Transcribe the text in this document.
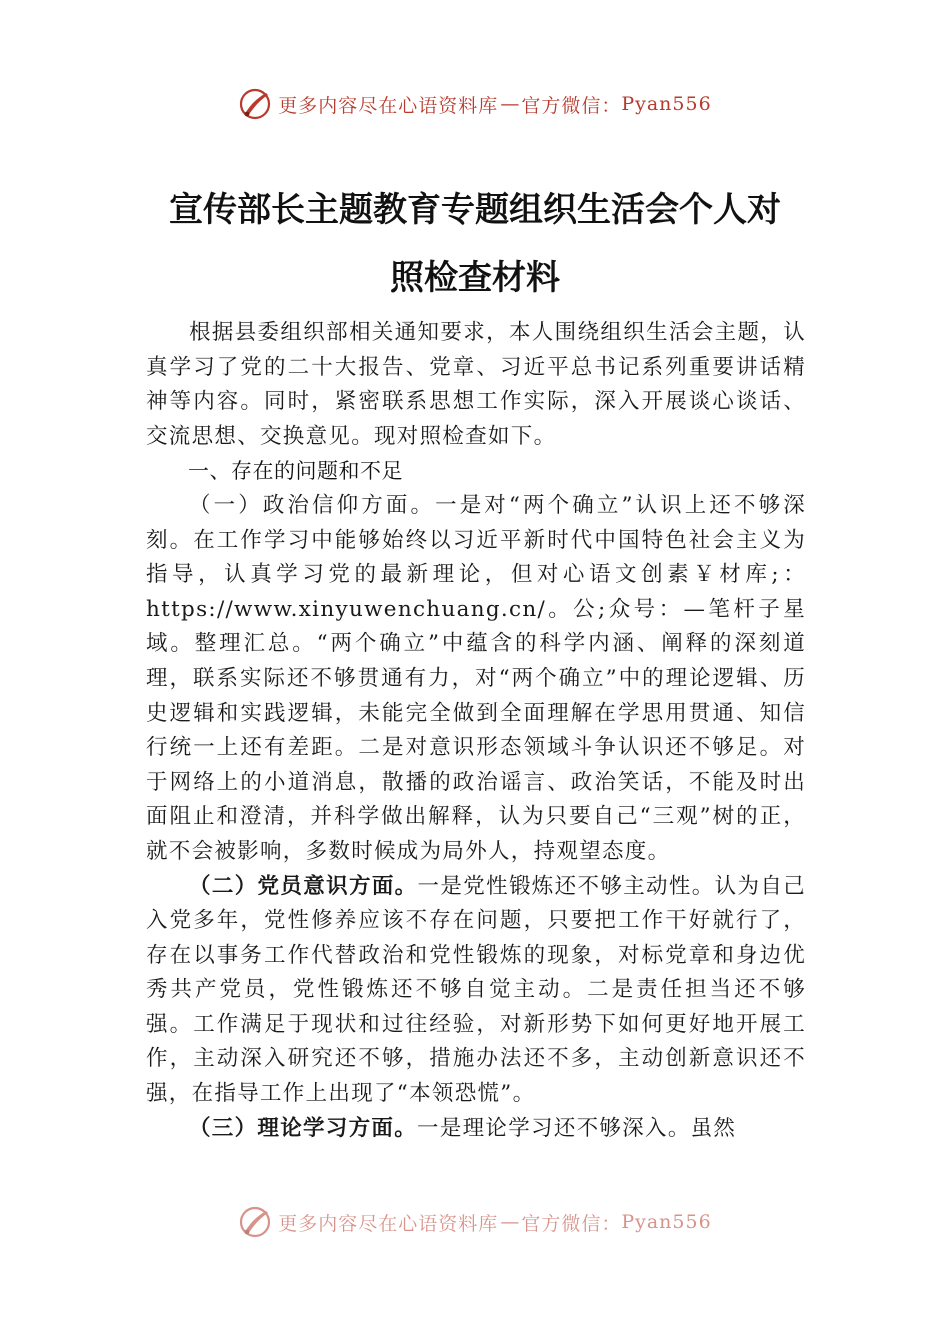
更多内容尽在心语资料库 — 官方微信： Pyan556
宣传部长主题教育专题组织生活会个人对
照检查材料

根据县委组织部相关通知要求，本人围绕组织生活会主题，认真学习了党的二十大报告、党章、习近平总书记系列重要讲话精神等内容。同时，紧密联系思想工作实际，深入开展谈心谈话、交流思想、交换意见。现对照检查如下。

一、存在的问题和不足

（一）政治信仰方面。一是对“两个确立”认识上还不够深刻。在工作学习中能够始终以习近平新时代中国特色社会主义为指导，认真学习党的最新理论，但对心语文创素￥材库;：https://www.xinyuwenchuang.cn/。公;众号：—笔杆子星域。整理汇总。“两个确立”中蕴含的科学内涵、阐释的深刻道理，联系实际还不够贯通有力，对“两个确立”中的理论逻辑、历史逻辑和实践逻辑，未能完全做到全面理解在学思用贯通、知信行统一上还有差距。二是对意识形态领域斗争认识还不够足。对于网络上的小道消息，散播的政治谣言、政治笑话，不能及时出面阻止和澄清，并科学做出解释，认为只要自己“三观”树的正，就不会被影响，多数时候成为局外人，持观望态度。

（二）党员意识方面。一是党性锻炼还不够主动性。认为自己入党多年，党性修养应该不存在问题，只要把工作干好就行了，存在以事务工作代替政治和党性锻炼的现象，对标党章和身边优秀共产党员，党性锻炼还不够自觉主动。二是责任担当还不够强。工作满足于现状和过往经验，对新形势下如何更好地开展工作，主动深入研究还不够，措施办法还不多，主动创新意识还不强，在指导工作上出现了“本领恐慌”。

（三）理论学习方面。一是理论学习还不够深入。虽然

更多内容尽在心语资料库 — 官方微信： Pyan556
